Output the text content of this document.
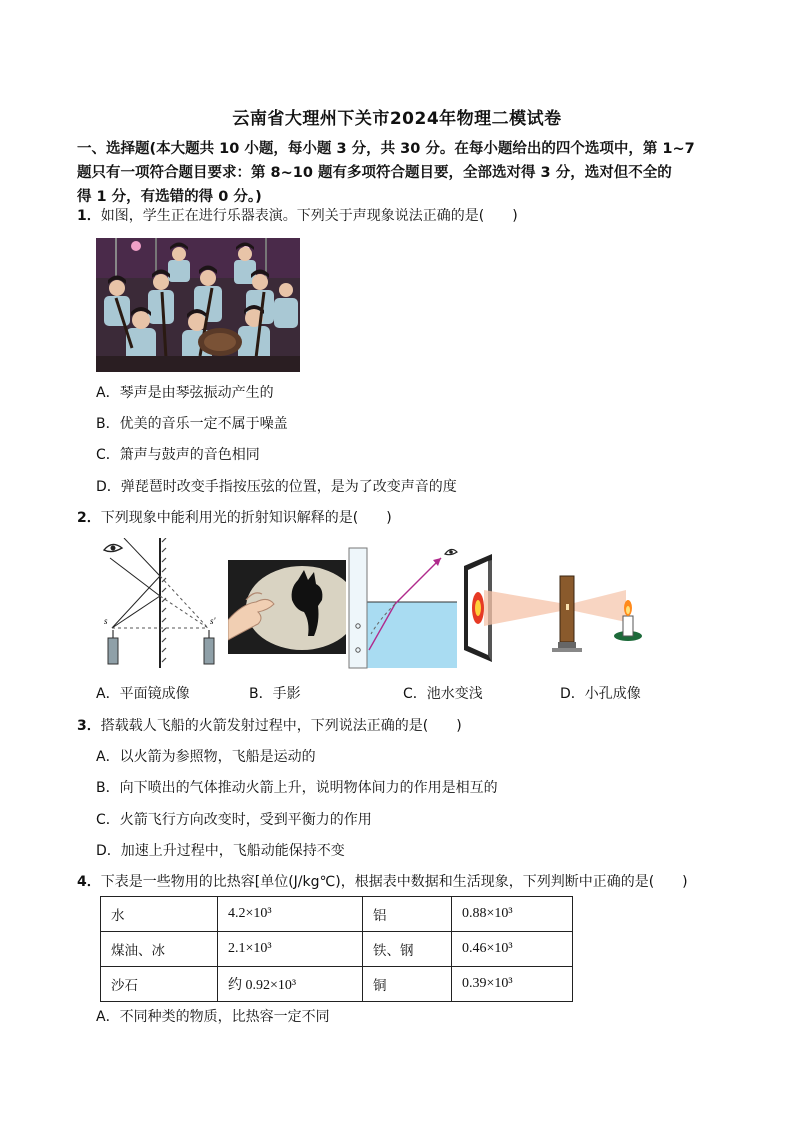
云南省大理州下关市2024年物理二模试卷
一、选择题(本大题共 10 小题，每小题 3 分，共 30 分。在每小题给出的四个选项中，第 1~7
题只有一项符合题目要求：第 8~10 题有多项符合题目要，全部选对得 3 分，选对但不全的
得 1 分，有选错的得 0 分。)
1．如图，学生正在进行乐器表演。下列关于声现象说法正确的是(　　)
A．琴声是由琴弦振动产生的
B．优美的音乐一定不属于噪盖
C．箫声与鼓声的音色相同
D．弹琵琶时改变手指按压弦的位置，是为了改变声音的度
2．下列现象中能利用光的折射知识解释的是(　　)
s	s'
A．平面镜成像	B．手影	C．池水变浅	D．小孔成像
3．搭载载人飞船的火箭发射过程中，下列说法正确的是(　　)
A．以火箭为参照物，飞船是运动的
B．向下喷出的气体推动火箭上升，说明物体间力的作用是相互的
C．火箭飞行方向改变时，受到平衡力的作用
D．加速上升过程中，飞船动能保持不变
4．下表是一些物用的比热容[单位(J/kg℃)，根据表中数据和生活现象，下列判断中正确的是(　　)
水	4.2×10³	铝	0.88×10³
煤油、冰	2.1×10³	铁、钢	0.46×10³
沙石	约 0.92×10³	铜	0.39×10³
A．不同种类的物质，比热容一定不同
